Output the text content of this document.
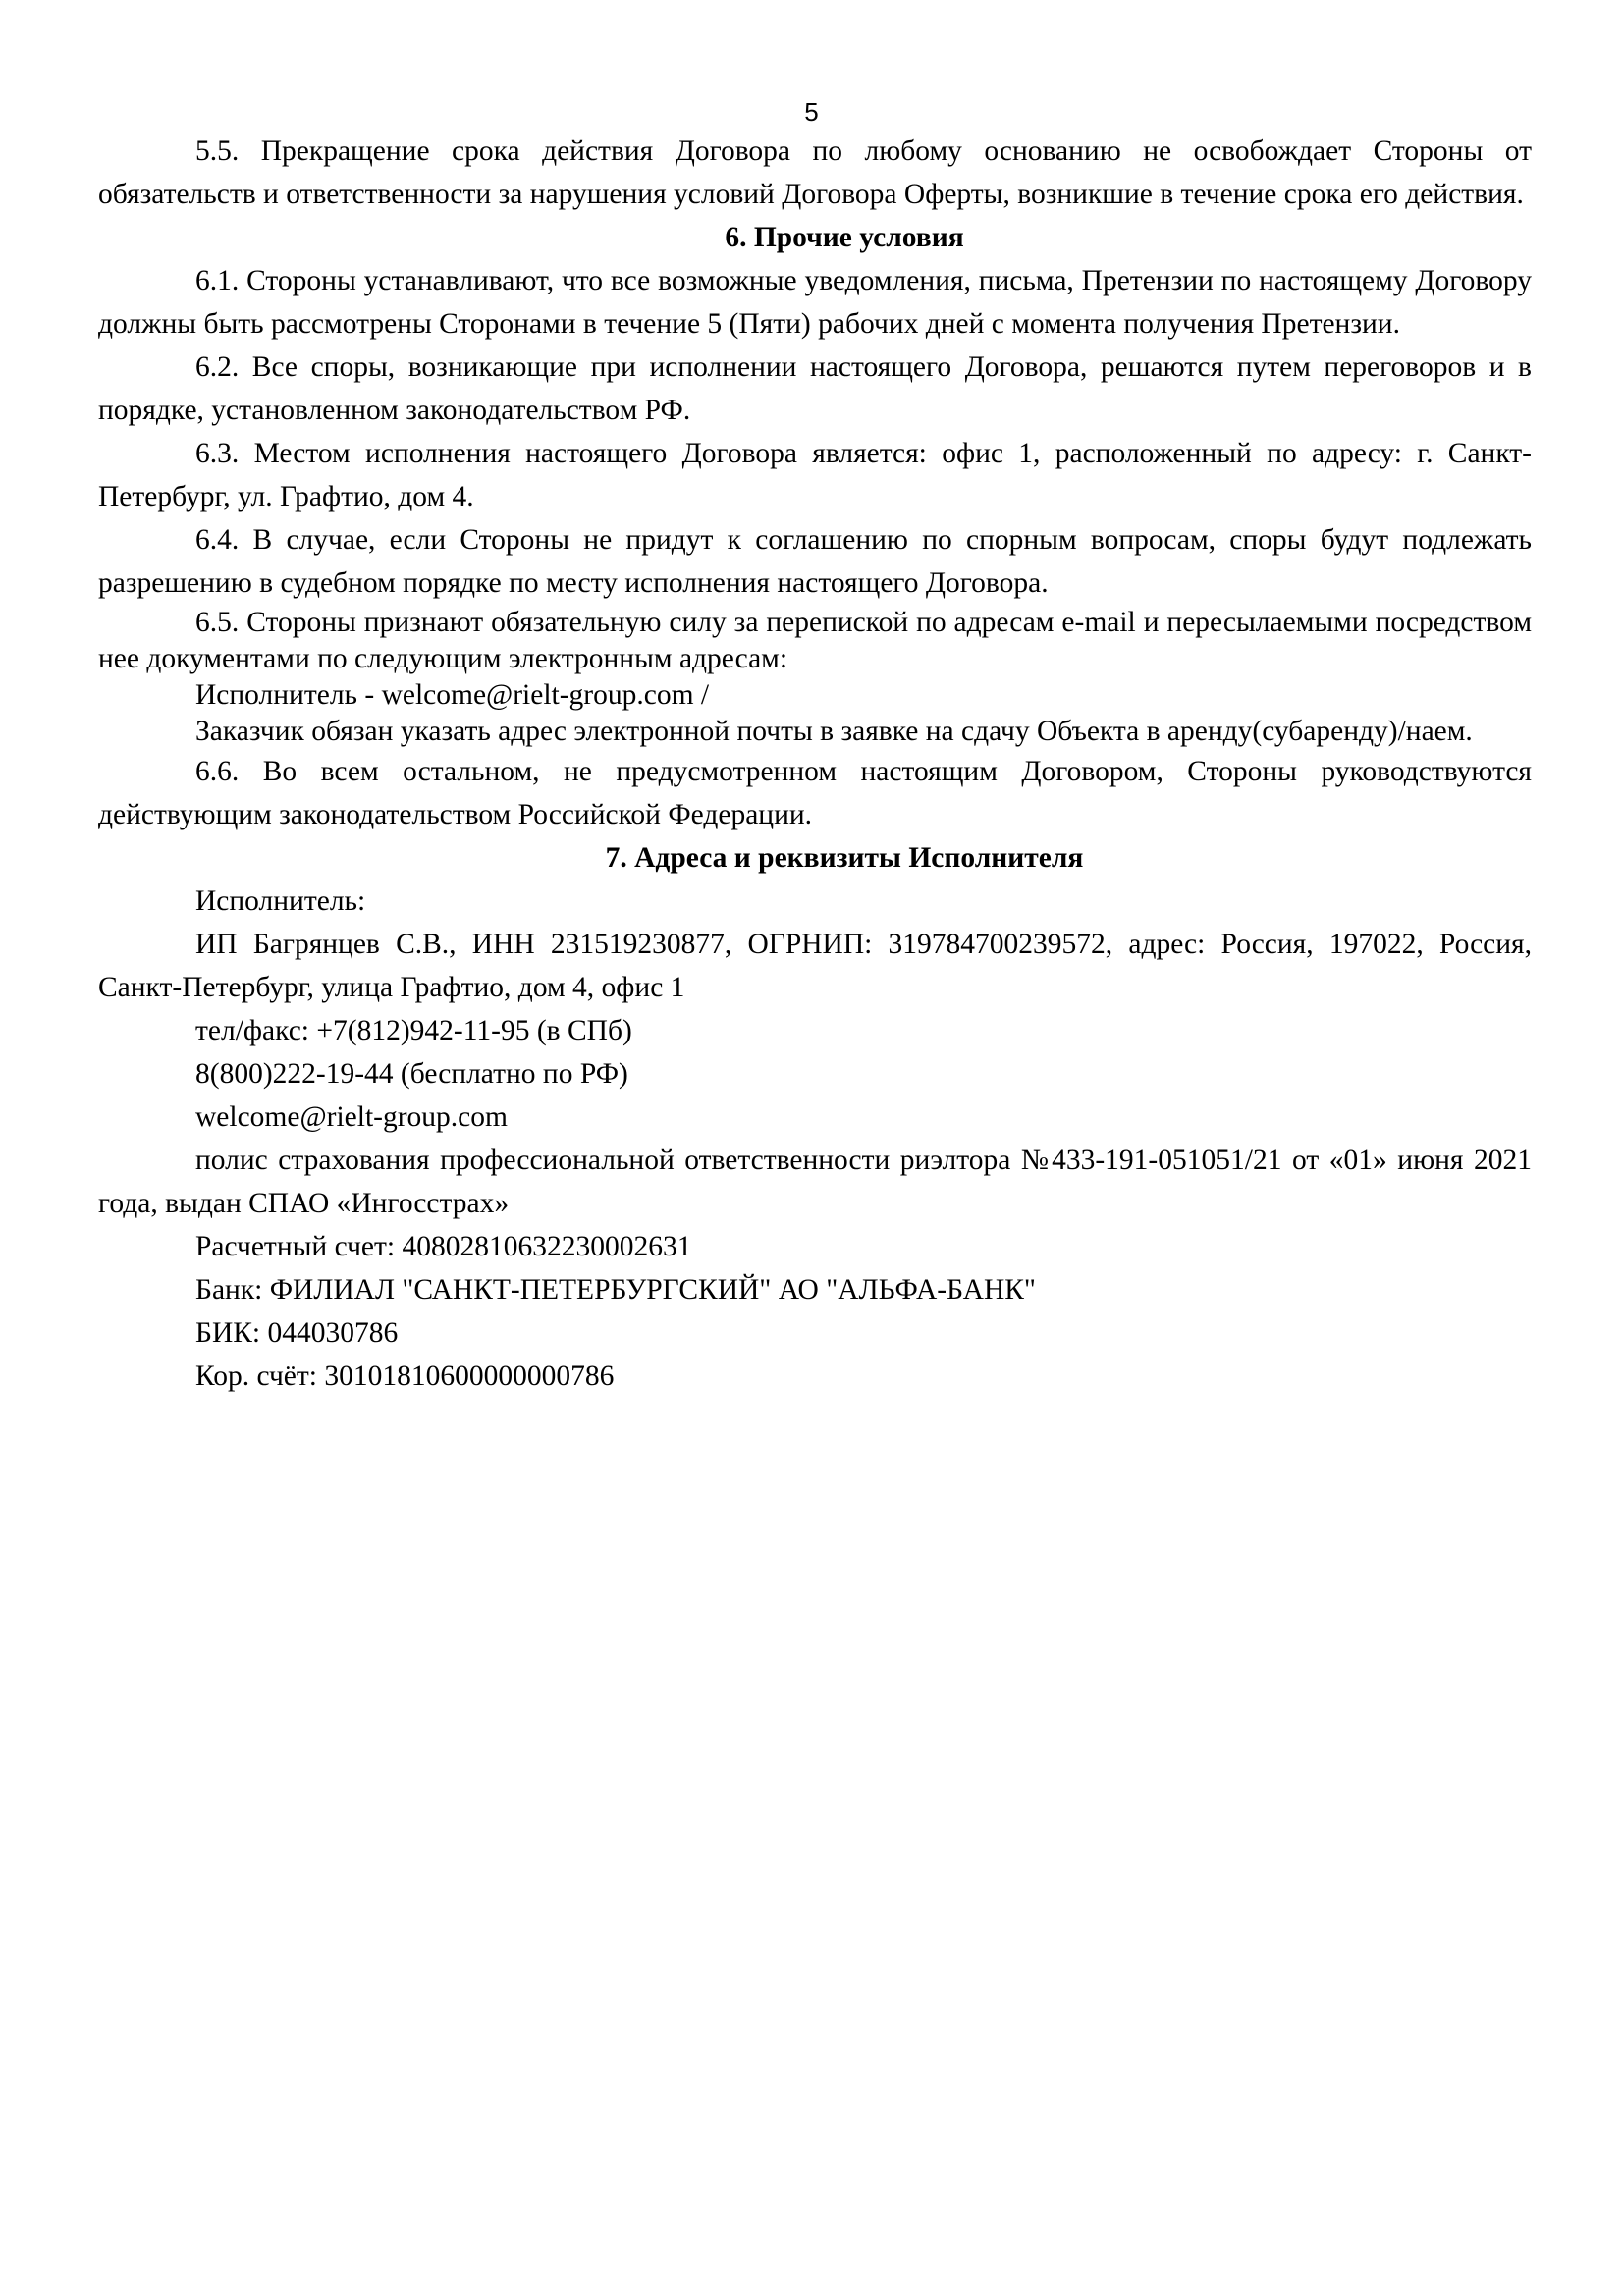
5

5.5. Прекращение срока действия Договора по любому основанию не освобождает Стороны от обязательств и ответственности за нарушения условий Договора Оферты, возникшие в течение срока его действия.

6. Прочие условия

6.1. Стороны устанавливают, что все возможные уведомления, письма, Претензии по настоящему Договору должны быть рассмотрены Сторонами в течение 5 (Пяти) рабочих дней с момента получения Претензии.

6.2. Все споры, возникающие при исполнении настоящего Договора, решаются путем переговоров и в порядке, установленном законодательством РФ.

6.3. Местом исполнения настоящего Договора является: офис 1, расположенный по адресу: г. Санкт-Петербург, ул. Графтио, дом 4.

6.4. В случае, если Стороны не придут к соглашению по спорным вопросам, споры будут подлежать разрешению в судебном порядке по месту исполнения настоящего Договора.

6.5. Стороны признают обязательную силу за перепиской по адресам e-mail и пересылаемыми посредством нее документами по следующим электронным адресам:

Исполнитель - welcome@rielt-group.com /

Заказчик обязан указать адрес электронной почты в заявке на сдачу Объекта в аренду(субаренду)/наем.

6.6. Во всем остальном, не предусмотренном настоящим Договором, Стороны руководствуются действующим законодательством Российской Федерации.

7. Адреса и реквизиты Исполнителя

Исполнитель:

ИП Багрянцев С.В., ИНН 231519230877, ОГРНИП: 319784700239572, адрес: Россия, 197022, Россия, Санкт-Петербург, улица Графтио, дом 4, офис 1

тел/факс: +7(812)942-11-95 (в СПб)

8(800)222-19-44 (бесплатно по РФ)

welcome@rielt-group.com

полис страхования профессиональной ответственности риэлтора №433-191-051051/21 от «01» июня 2021 года, выдан СПАО «Ингосстрах»

Расчетный счет: 40802810632230002631

Банк: ФИЛИАЛ "САНКТ-ПЕТЕРБУРГСКИЙ" АО "АЛЬФА-БАНК"

БИК: 044030786

Кор. счёт: 30101810600000000786
